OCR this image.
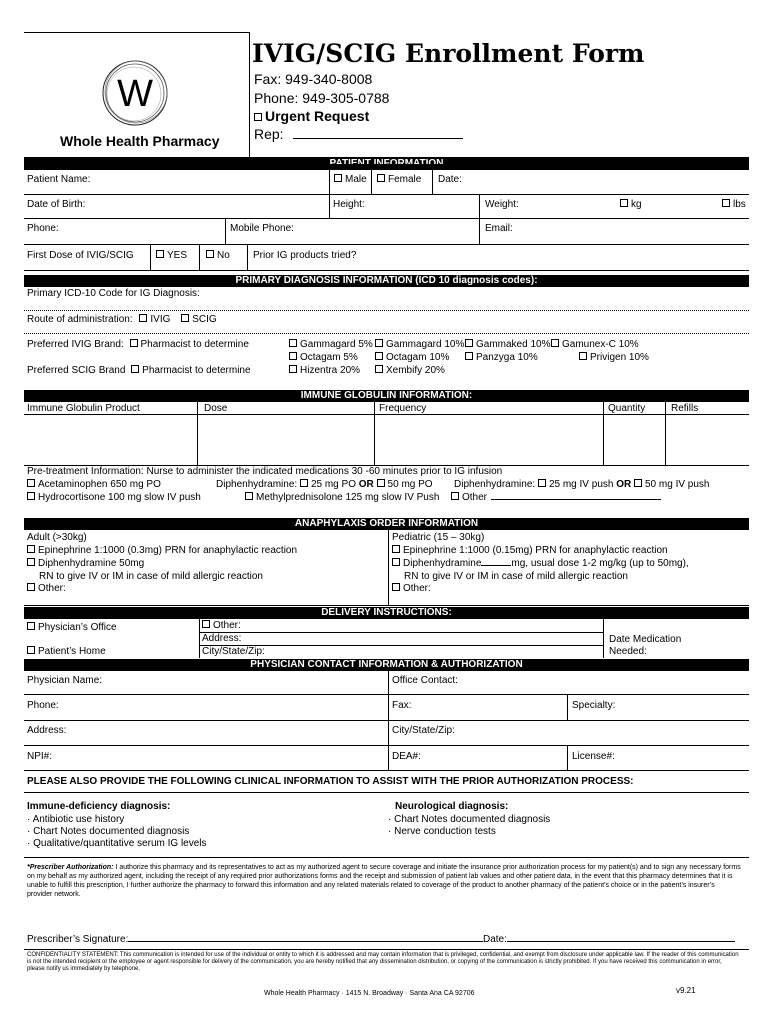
W
Whole Health Pharmacy
IVIG/SCIG Enrollment Form
Fax: 949-340-8008
Phone: 949-305-0788
Urgent Request
Rep:
Patient Name:	Male	Female Date:
Date of Birth:	Height:	Weight:	kg	lbs
Phone:	Mobile Phone:	Email:
First Dose of IVIG/SCIG	YES	No Prior IG products tried?
PRIMARY DIAGNOSIS INFORMATION (ICD 10 diagnosis codes):
Primary ICD-10 Code for IG Diagnosis:
Route of administration: IVIG SCIG
Preferred IVIG Brand: Pharmacist to determine
Preferred SCIG Brand Pharmacist to determine
Gammagard 5%	Gammagard 10%	Gammaked 10%	Gamunex-C 10%
Octagam 5%	Octagam 10%	Panzyga 10%	Privigen 10%
Hizentra 20%	Xembify 20%
IMMUNE GLOBULIN INFORMATION:
Immune Globulin Product	Dose	Frequency	Quantity	Refills
Pre-treatment Information: Nurse to administer the indicated medications 30 -60 minutes prior to IG infusion
Acetaminophen 650 mg PO	Diphenhydramine: 25 mg PO OR 50 mg PO Diphenhydramine: 25 mg IV push OR 50 mg IV push
Hydrocortisone 100 mg slow IV push	Methylprednisolone 125 mg slow IV Push	Other
ANAPHYLAXIS ORDER INFORMATION
Adult (>30kg)
Epinephrine 1:1000 (0.3mg) PRN for anaphylactic reaction
Diphenhydramine 50mg
RN to give IV or IM in case of mild allergic reaction
Other:
Pediatric (15 – 30kg)
Epinephrine 1:1000 (0.15mg) PRN for anaphylactic reaction
Diphenhydramine	mg, usual dose 1-2 mg/kg (up to 50mg),
RN to give IV or IM in case of mild allergic reaction
Other:
DELIVERY INSTRUCTIONS:
Physician’s Office
Patient’s Home
Other:
Address:
City/State/Zip:
Date Medication
Needed:
PHYSICIAN CONTACT INFORMATION & AUTHORIZATION
Physician Name:	Office Contact:
Phone:	Fax:	Specialty:
Address:	City/State/Zip:
NPI#:	DEA#:	License#:
PLEASE ALSO PROVIDE THE FOLLOWING CLINICAL INFORMATION TO ASSIST WITH THE PRIOR AUTHORIZATION PROCESS:
Immune-deficiency diagnosis:
· Antibiotic use history
· Chart Notes documented diagnosis
· Qualitative/quantitative serum IG levels
Neurological diagnosis:
· Chart Notes documented diagnosis
· Nerve conduction tests
*Prescriber Authorization: I authorize this pharmacy and its representatives to act as my authorized agent to secure coverage and initiate the insurance prior authorization process for my patient(s) and to sign any necessary forms on my behalf as my authorized agent, including the receipt of any required prior authorizations forms and the receipt and submission of patient lab values and other patient data, in the event that this pharmacy determines that it is unable to fulfill this prescription, I further authorize the pharmacy to forward this information and any related materials related to coverage of the product to another pharmacy of the patient’s choice or in the patient’s insurer’s provider network.
Prescriber’s Signature:	Date:
CONFIDENTIALITY STATEMENT: This communication is intended for use of the individual or entity to which it is addressed and may contain information that is privileged, confidential, and exempt from disclosure under applicable law. If the reader of this communication is not the intended recipient or the employee or agent responsible for delivery of the communication, you are hereby notified that any dissemination distribution, or copying of the communication is strictly prohibited. If you have received this communication in error, please notify us immediately by telephone.
Whole Health Pharmacy · 1415 N. Broadway · Santa Ana CA 92706	v9.21
